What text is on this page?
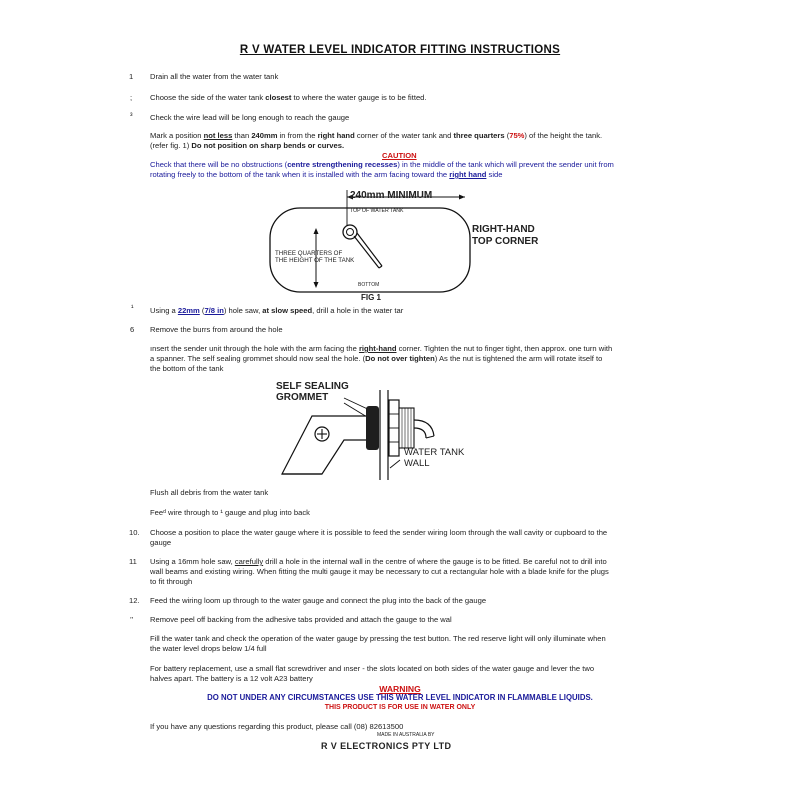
R V WATER LEVEL INDICATOR FITTING INSTRUCTIONS
1 Drain all the water from the water tank
; Choose the side of the water tank closest to where the water gauge is to be fitted.
³ Check the wire lead will be long enough to reach the gauge
Mark a position not less than 240mm in from the right hand corner of the water tank and three quarters (75%) of the height the tank.
(refer fig. 1) Do not position on sharp bends or curves.
CAUTION
Check that there will be no obstructions (centre strengthening recesses) in the middle of the tank which will prevent the sender unit from
rotating freely to the bottom of the tank when it is installed with the arm facing toward the right hand side
240mm MINIMUM
TOP OF WATER TANK
RIGHT-HAND
TOP CORNER
THREE QUARTERS OF
THE HEIGHT OF THE TANK
BOTTOM
FIG 1
¹ Using a 22mm (7/8 in) hole saw, at slow speed, drill a hole in the water tar
6 Remove the burrs from around the hole
ınsert the sender unit through the hole with the arm facing the right-hand corner. Tighten the nut to finger tight, then approx. one turn with
a spanner. The self sealing grommet should now seal the hole. (Do not over tighten) As the nut is tightened the arm will rotate itself to
the bottom of the tank
SELF SEALING
GROMMET
WATER TANK
WALL
Flush all debris from the water tank
Feeᵈ wire through to ¹ gauge and plug into back
10. Choose a position to place the water gauge where it is possible to feed the sender wiring loom through the wall cavity or cupboard to the
gauge
11 Using a 16mm hole saw, carefully drill a hole in the internal wall in the centre of where the gauge is to be fitted. Be careful not to drill into
wall beams and existing wiring. When fitting the multi gauge it may be necessary to cut a rectangular hole with a blade knife for the plugs
to fit through
12. Feed the wiring loom up through to the water gauge and connect the plug into the back of the gauge
’’ Remove peel off backing from the adhesive tabs provided and attach the gauge to the wal
Fill the water tank and check the operation of the water gauge by pressing the test button. The red reserve light will only illuminate when
the water level drops below 1/4 full
For battery replacement, use a small flat screwdriver and ınser ‐ the slots located on both sides of the water gauge and lever the two
halves apart. The battery is a 12 volt A23 battery
WARNING
DO NOT UNDER ANY CIRCUMSTANCES USE THIS WATER LEVEL INDICATOR IN FLAMMABLE LIQUIDS.
THIS PRODUCT IS FOR USE IN WATER ONLY
If you have any questions regarding this product, please call (08) 82613500
MADE IN AUSTRALIA BY
R V ELECTRONICS PTY LTD
